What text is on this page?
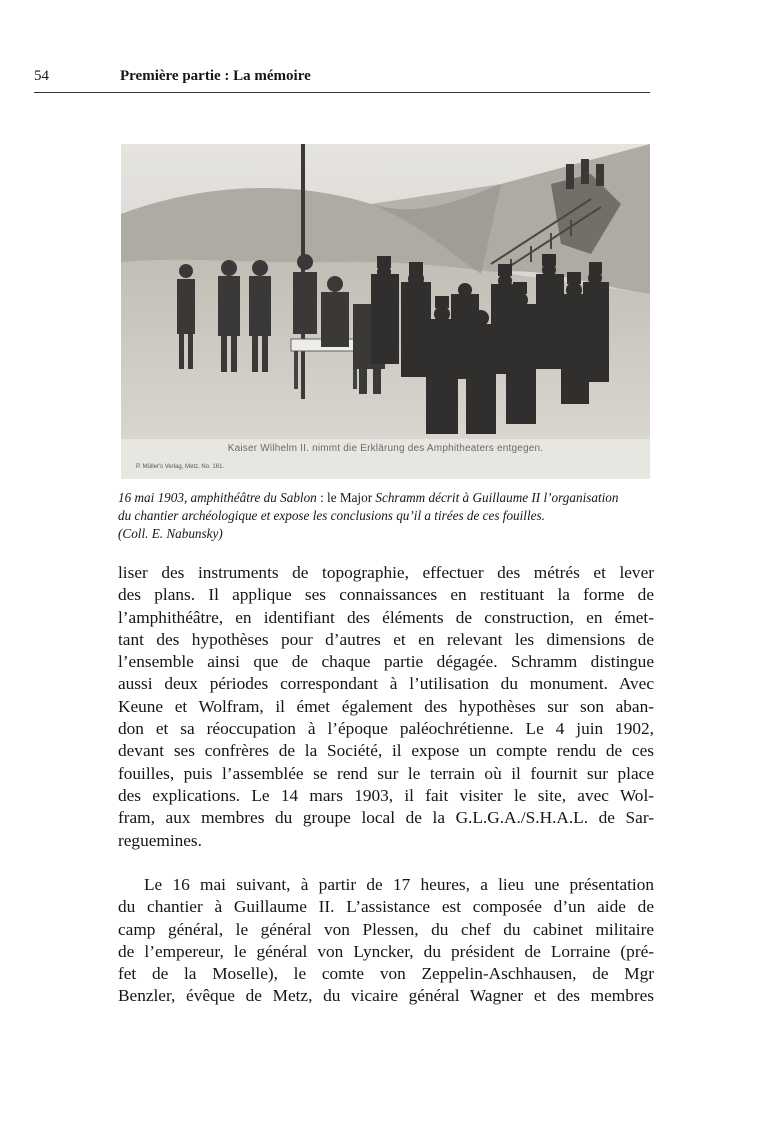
54	Première partie : La mémoire
Kaiser Wilhelm II. nimmt die Erklärung des Amphitheaters entgegen.
P. Müller's Verlag, Metz. No. 161.
16 mai 1903, amphithéâtre du Sablon : le Major Schramm décrit à Guillaume II l’organisation
du chantier archéologique et expose les conclusions qu’il a tirées de ces fouilles.
(Coll. E. Nabunsky)

liser des instruments de topographie, effectuer des métrés et lever
des plans. Il applique ses connaissances en restituant la forme de
l’amphithéâtre, en identifiant des éléments de construction, en émet-
tant des hypothèses pour d’autres et en relevant les dimensions de
l’ensemble ainsi que de chaque partie dégagée. Schramm distingue
aussi deux périodes correspondant à l’utilisation du monument. Avec
Keune et Wolfram, il émet également des hypothèses sur son aban-
don et sa réoccupation à l’époque paléochrétienne. Le 4 juin 1902,
devant ses confrères de la Société, il expose un compte rendu de ces
fouilles, puis l’assemblée se rend sur le terrain où il fournit sur place
des explications. Le 14 mars 1903, il fait visiter le site, avec Wol-
fram, aux membres du groupe local de la G.L.G.A./S.H.A.L. de Sar-
reguemines.

Le 16 mai suivant, à partir de 17 heures, a lieu une présentation
du chantier à Guillaume II. L’assistance est composée d’un aide de
camp général, le général von Plessen, du chef du cabinet militaire
de l’empereur, le général von Lyncker, du président de Lorraine (pré-
fet de la Moselle), le comte von Zeppelin-Aschhausen, de Mgr
Benzler, évêque de Metz, du vicaire général Wagner et des membres
